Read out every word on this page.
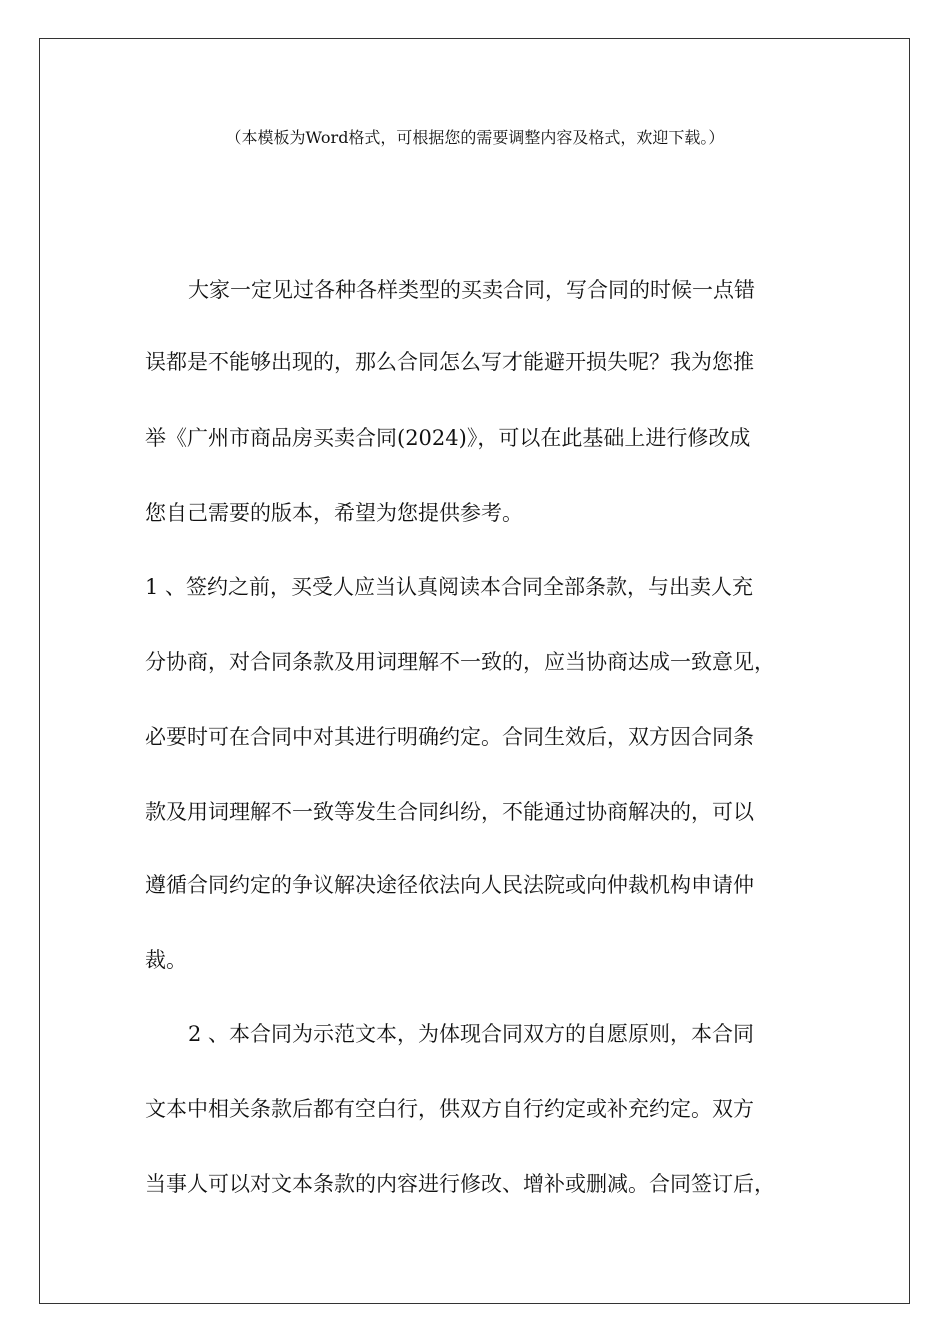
（本模板为Word格式，可根据您的需要调整内容及格式，欢迎下载。）
大家一定见过各种各样类型的买卖合同，写合同的时候一点错
误都是不能够出现的，那么合同怎么写才能避开损失呢？我为您推
举《广州市商品房买卖合同(2024)》，可以在此基础上进行修改成
您自己需要的版本，希望为您提供参考。
1 、签约之前，买受人应当认真阅读本合同全部条款，与出卖人充
分协商，对合同条款及用词理解不一致的，应当协商达成一致意见，
必要时可在合同中对其进行明确约定。合同生效后，双方因合同条
款及用词理解不一致等发生合同纠纷，不能通过协商解决的，可以
遵循合同约定的争议解决途径依法向人民法院或向仲裁机构申请仲
裁。
2 、本合同为示范文本，为体现合同双方的自愿原则，本合同
文本中相关条款后都有空白行，供双方自行约定或补充约定。双方
当事人可以对文本条款的内容进行修改、增补或删减。合同签订后，
